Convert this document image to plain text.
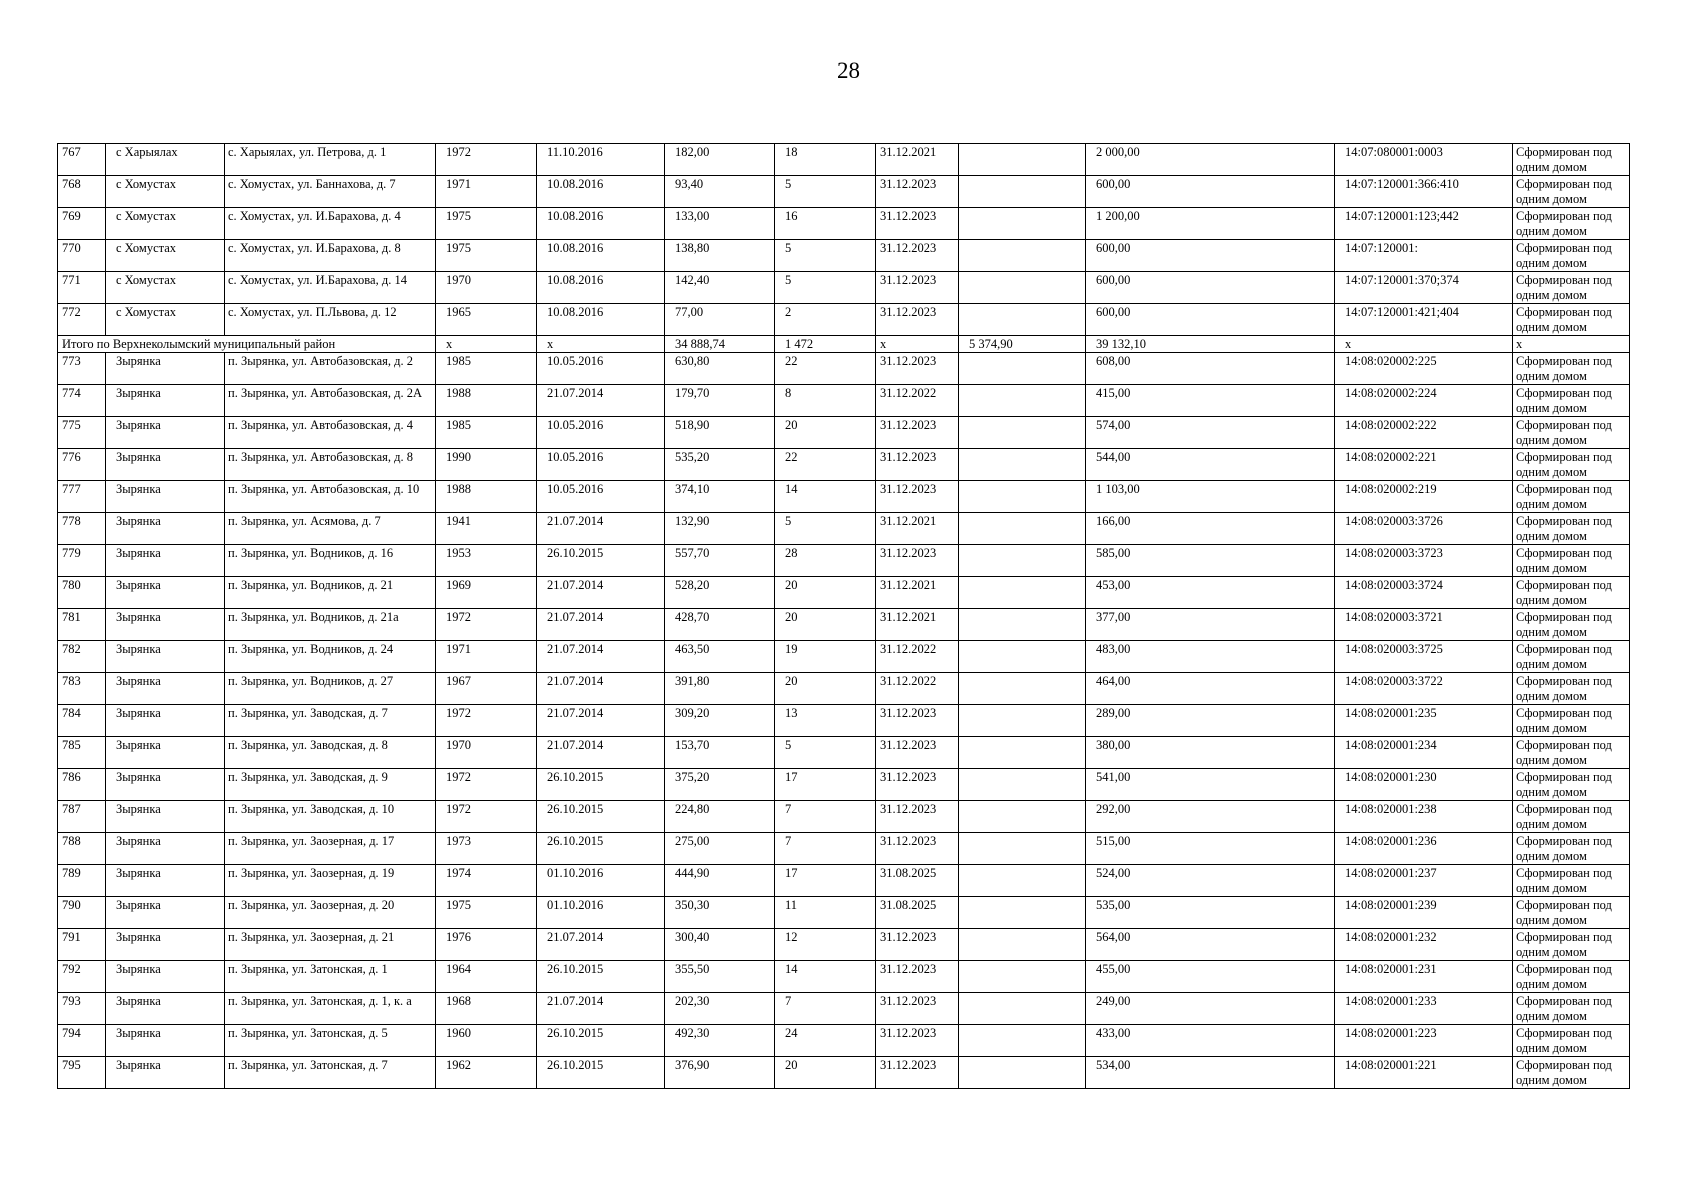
28
767	с Харыялах	с. Харыялах, ул. Петрова, д. 1	1972	11.10.2016	182,00	18	31.12.2021		2 000,00	14:07:080001:0003	Сформирован под одним домом
768	с Хомустах	с. Хомустах, ул. Баннахова, д. 7	1971	10.08.2016	93,40	5	31.12.2023		600,00	14:07:120001:366:410	Сформирован под одним домом
769	с Хомустах	с. Хомустах, ул. И.Барахова, д. 4	1975	10.08.2016	133,00	16	31.12.2023		1 200,00	14:07:120001:123;442	Сформирован под одним домом
770	с Хомустах	с. Хомустах, ул. И.Барахова, д. 8	1975	10.08.2016	138,80	5	31.12.2023		600,00	14:07:120001:	Сформирован под одним домом
771	с Хомустах	с. Хомустах, ул. И.Барахова, д. 14	1970	10.08.2016	142,40	5	31.12.2023		600,00	14:07:120001:370;374	Сформирован под одним домом
772	с Хомустах	с. Хомустах, ул. П.Львова, д. 12	1965	10.08.2016	77,00	2	31.12.2023		600,00	14:07:120001:421;404	Сформирован под одним домом
Итого по Верхнеколымский муниципальный район			x	x	34 888,74	1 472	x	5 374,90	39 132,10	x	x
773	Зырянка	п. Зырянка, ул. Автобазовская, д. 2	1985	10.05.2016	630,80	22	31.12.2023		608,00	14:08:020002:225	Сформирован под одним домом
774	Зырянка	п. Зырянка, ул. Автобазовская, д. 2А	1988	21.07.2014	179,70	8	31.12.2022		415,00	14:08:020002:224	Сформирован под одним домом
775	Зырянка	п. Зырянка, ул. Автобазовская, д. 4	1985	10.05.2016	518,90	20	31.12.2023		574,00	14:08:020002:222	Сформирован под одним домом
776	Зырянка	п. Зырянка, ул. Автобазовская, д. 8	1990	10.05.2016	535,20	22	31.12.2023		544,00	14:08:020002:221	Сформирован под одним домом
777	Зырянка	п. Зырянка, ул. Автобазовская, д. 10	1988	10.05.2016	374,10	14	31.12.2023		1 103,00	14:08:020002:219	Сформирован под одним домом
778	Зырянка	п. Зырянка, ул. Асямова, д. 7	1941	21.07.2014	132,90	5	31.12.2021		166,00	14:08:020003:3726	Сформирован под одним домом
779	Зырянка	п. Зырянка, ул. Водников, д. 16	1953	26.10.2015	557,70	28	31.12.2023		585,00	14:08:020003:3723	Сформирован под одним домом
780	Зырянка	п. Зырянка, ул. Водников, д. 21	1969	21.07.2014	528,20	20	31.12.2021		453,00	14:08:020003:3724	Сформирован под одним домом
781	Зырянка	п. Зырянка, ул. Водников, д. 21а	1972	21.07.2014	428,70	20	31.12.2021		377,00	14:08:020003:3721	Сформирован под одним домом
782	Зырянка	п. Зырянка, ул. Водников, д. 24	1971	21.07.2014	463,50	19	31.12.2022		483,00	14:08:020003:3725	Сформирован под одним домом
783	Зырянка	п. Зырянка, ул. Водников, д. 27	1967	21.07.2014	391,80	20	31.12.2022		464,00	14:08:020003:3722	Сформирован под одним домом
784	Зырянка	п. Зырянка, ул. Заводская, д. 7	1972	21.07.2014	309,20	13	31.12.2023		289,00	14:08:020001:235	Сформирован под одним домом
785	Зырянка	п. Зырянка, ул. Заводская, д. 8	1970	21.07.2014	153,70	5	31.12.2023		380,00	14:08:020001:234	Сформирован под одним домом
786	Зырянка	п. Зырянка, ул. Заводская, д. 9	1972	26.10.2015	375,20	17	31.12.2023		541,00	14:08:020001:230	Сформирован под одним домом
787	Зырянка	п. Зырянка, ул. Заводская, д. 10	1972	26.10.2015	224,80	7	31.12.2023		292,00	14:08:020001:238	Сформирован под одним домом
788	Зырянка	п. Зырянка, ул. Заозерная, д. 17	1973	26.10.2015	275,00	7	31.12.2023		515,00	14:08:020001:236	Сформирован под одним домом
789	Зырянка	п. Зырянка, ул. Заозерная, д. 19	1974	01.10.2016	444,90	17	31.08.2025		524,00	14:08:020001:237	Сформирован под одним домом
790	Зырянка	п. Зырянка, ул. Заозерная, д. 20	1975	01.10.2016	350,30	11	31.08.2025		535,00	14:08:020001:239	Сформирован под одним домом
791	Зырянка	п. Зырянка, ул. Заозерная, д. 21	1976	21.07.2014	300,40	12	31.12.2023		564,00	14:08:020001:232	Сформирован под одним домом
792	Зырянка	п. Зырянка, ул. Затонская, д. 1	1964	26.10.2015	355,50	14	31.12.2023		455,00	14:08:020001:231	Сформирован под одним домом
793	Зырянка	п. Зырянка, ул. Затонская, д. 1, к. а	1968	21.07.2014	202,30	7	31.12.2023		249,00	14:08:020001:233	Сформирован под одним домом
794	Зырянка	п. Зырянка, ул. Затонская, д. 5	1960	26.10.2015	492,30	24	31.12.2023		433,00	14:08:020001:223	Сформирован под одним домом
795	Зырянка	п. Зырянка, ул. Затонская, д. 7	1962	26.10.2015	376,90	20	31.12.2023		534,00	14:08:020001:221	Сформирован под одним домом
